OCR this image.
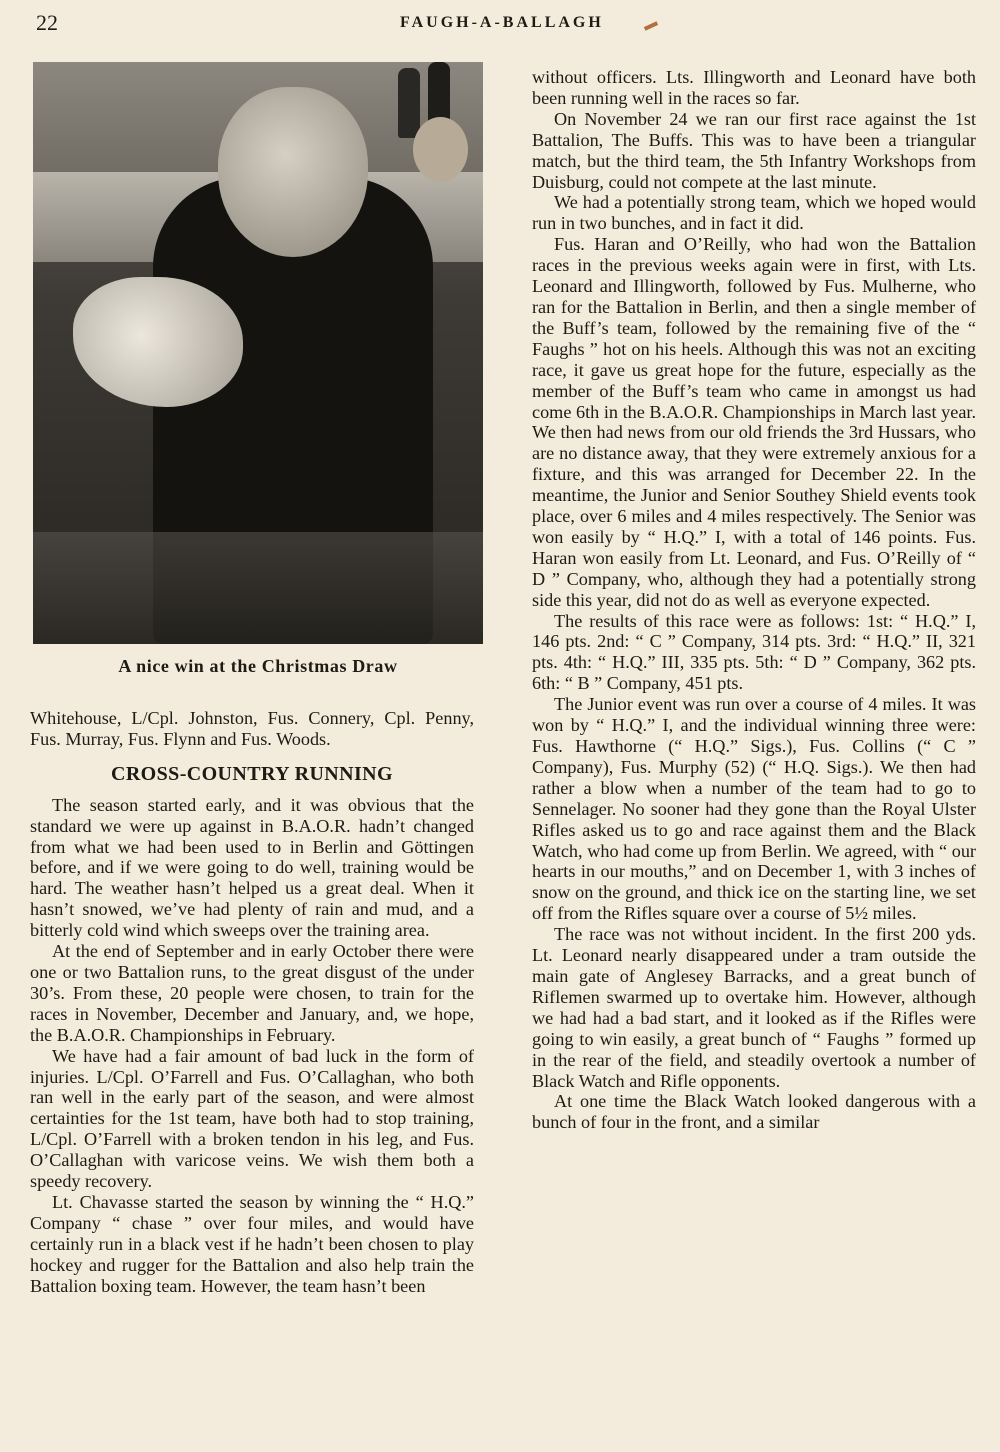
22	FAUGH-A-BALLAGH
A nice win at the Christmas Draw

Whitehouse, L/Cpl. Johnston, Fus. Connery, Cpl. Penny, Fus. Murray, Fus. Flynn and Fus. Woods.

CROSS-COUNTRY RUNNING

The season started early, and it was obvious that the standard we were up against in B.A.O.R. hadn’t changed from what we had been used to in Berlin and Göttingen before, and if we were going to do well, training would be hard. The weather hasn’t helped us a great deal. When it hasn’t snowed, we’ve had plenty of rain and mud, and a bitterly cold wind which sweeps over the training area.

At the end of September and in early October there were one or two Battalion runs, to the great disgust of the under 30’s. From these, 20 people were chosen, to train for the races in November, December and January, and, we hope, the B.A.O.R. Championships in February.

We have had a fair amount of bad luck in the form of injuries. L/Cpl. O’Farrell and Fus. O’Callaghan, who both ran well in the early part of the season, and were almost certainties for the 1st team, have both had to stop training, L/Cpl. O’Farrell with a broken tendon in his leg, and Fus. O’Callaghan with varicose veins. We wish them both a speedy recovery.

Lt. Chavasse started the season by winning the “ H.Q.” Company “ chase ” over four miles, and would have certainly run in a black vest if he hadn’t been chosen to play hockey and rugger for the Battalion and also help train the Battalion boxing team. However, the team hasn’t been

without officers. Lts. Illingworth and Leonard have both been running well in the races so far.

On November 24 we ran our first race against the 1st Battalion, The Buffs. This was to have been a triangular match, but the third team, the 5th Infantry Workshops from Duisburg, could not compete at the last minute.

We had a potentially strong team, which we hoped would run in two bunches, and in fact it did.

Fus. Haran and O’Reilly, who had won the Battalion races in the previous weeks again were in first, with Lts. Leonard and Illingworth, followed by Fus. Mulherne, who ran for the Battalion in Berlin, and then a single member of the Buff’s team, followed by the remaining five of the “ Faughs ” hot on his heels. Although this was not an exciting race, it gave us great hope for the future, especially as the member of the Buff’s team who came in amongst us had come 6th in the B.A.O.R. Championships in March last year. We then had news from our old friends the 3rd Hussars, who are no distance away, that they were extremely anxious for a fixture, and this was arranged for December 22. In the meantime, the Junior and Senior Southey Shield events took place, over 6 miles and 4 miles respectively. The Senior was won easily by “ H.Q.” I, with a total of 146 points. Fus. Haran won easily from Lt. Leonard, and Fus. O’Reilly of “ D ” Company, who, although they had a potentially strong side this year, did not do as well as everyone expected.

The results of this race were as follows: 1st: “ H.Q.” I, 146 pts. 2nd: “ C ” Company, 314 pts. 3rd: “ H.Q.” II, 321 pts. 4th: “ H.Q.” III, 335 pts. 5th: “ D ” Company, 362 pts. 6th: “ B ” Company, 451 pts.

The Junior event was run over a course of 4 miles. It was won by “ H.Q.” I, and the individual winning three were: Fus. Hawthorne (“ H.Q.” Sigs.), Fus. Collins (“ C ” Company), Fus. Murphy (52) (“ H.Q. Sigs.). We then had rather a blow when a number of the team had to go to Sennelager. No sooner had they gone than the Royal Ulster Rifles asked us to go and race against them and the Black Watch, who had come up from Berlin. We agreed, with “ our hearts in our mouths,” and on December 1, with 3 inches of snow on the ground, and thick ice on the starting line, we set off from the Rifles square over a course of 5½ miles.

The race was not without incident. In the first 200 yds. Lt. Leonard nearly disappeared under a tram outside the main gate of Anglesey Barracks, and a great bunch of Riflemen swarmed up to overtake him. However, although we had had a bad start, and it looked as if the Rifles were going to win easily, a great bunch of “ Faughs ” formed up in the rear of the field, and steadily overtook a number of Black Watch and Rifle opponents.

At one time the Black Watch looked dangerous with a bunch of four in the front, and a similar
